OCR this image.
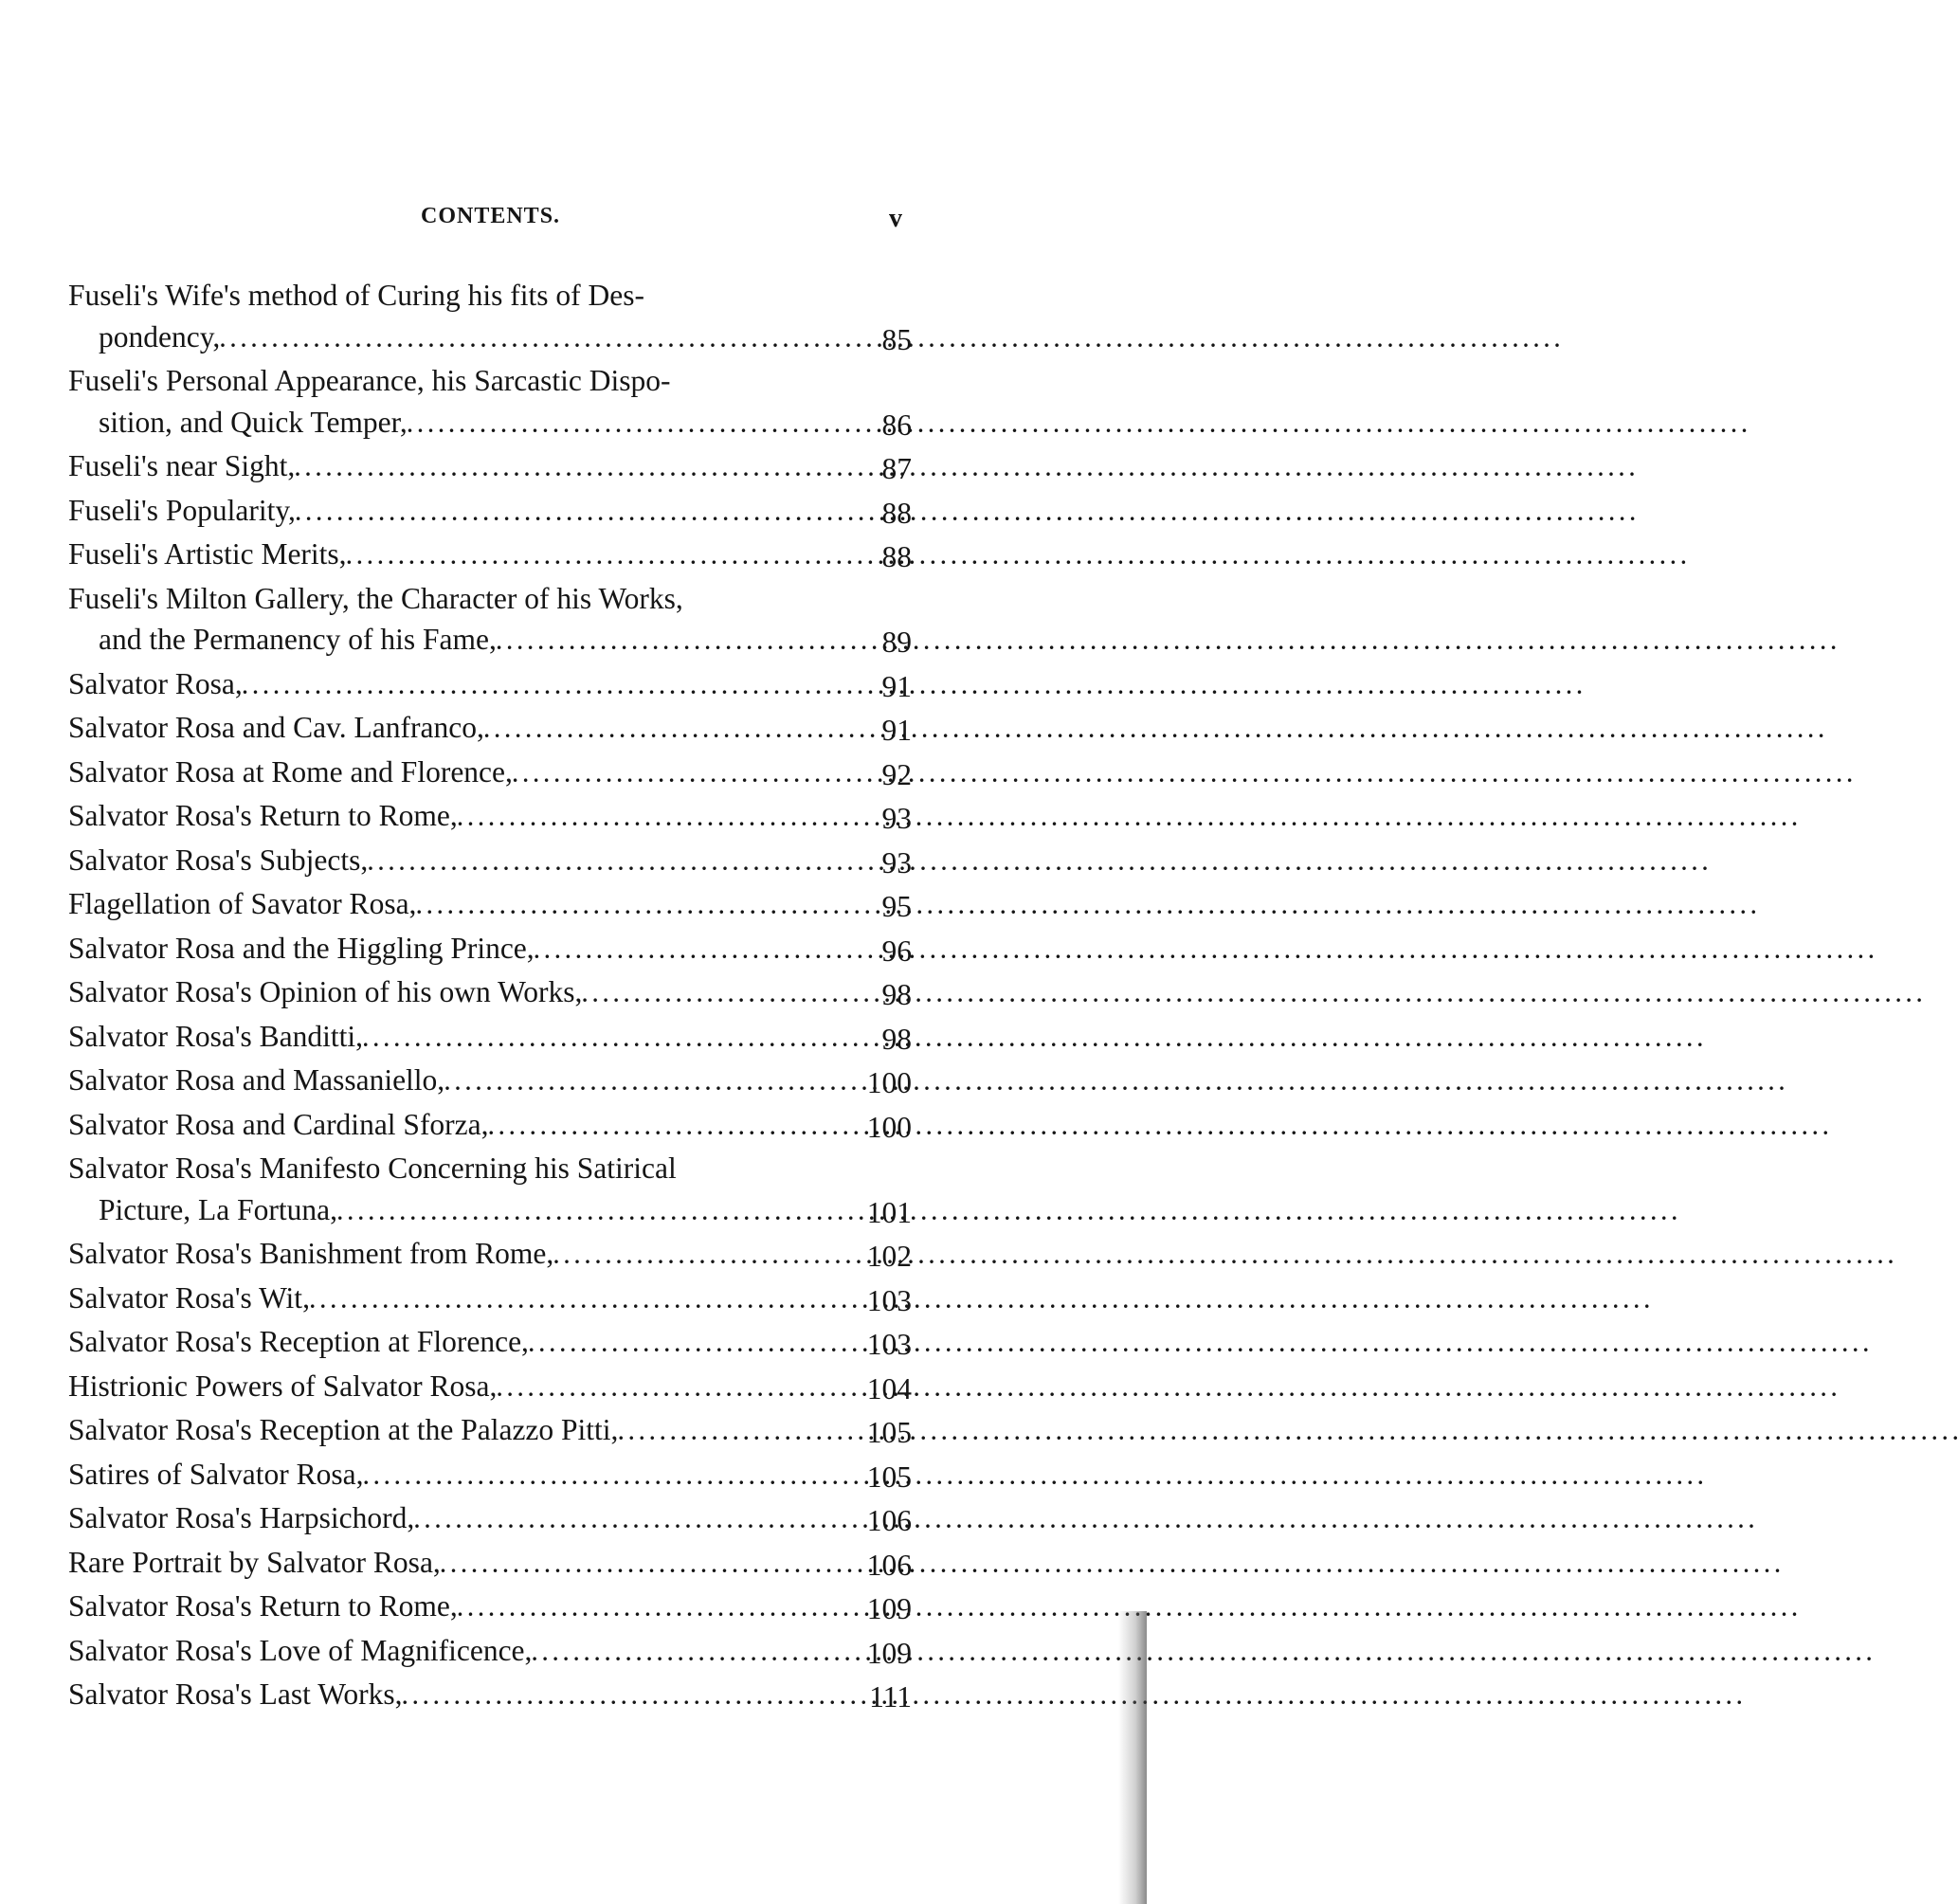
CONTENTS.	v
Fuseli's Wife's method of Curing his fits of Des-
pondency, . . .	85
Fuseli's Personal Appearance, his Sarcastic Dispo-
sition, and Quick Temper, . . .	86
Fuseli's near Sight, . . .	87
Fuseli's Popularity, . . .	88
Fuseli's Artistic Merits, . . .	88
Fuseli's Milton Gallery, the Character of his Works,
and the Permanency of his Fame, . . .	89
Salvator Rosa, . . .	91
Salvator Rosa and Cav. Lanfranco, . . .	91
Salvator Rosa at Rome and Florence, . . .	92
Salvator Rosa's Return to Rome, . . .	93
Salvator Rosa's Subjects, . . .	93
Flagellation of Savator Rosa, . . .	95
Salvator Rosa and the Higgling Prince, . . .	96
Salvator Rosa's Opinion of his own Works, . . .	98
Salvator Rosa's Banditti, . . .	98
Salvator Rosa and Massaniello, . . .	100
Salvator Rosa and Cardinal Sforza, . . .	100
Salvator Rosa's Manifesto Concerning his Satirical
Picture, La Fortuna, . . .	101
Salvator Rosa's Banishment from Rome, . . .	102
Salvator Rosa's Wit, . . .	103
Salvator Rosa's Reception at Florence, . . .	103
Histrionic Powers of Salvator Rosa, . . .	104
Salvator Rosa's Reception at the Palazzo Pitti, . . .	105
Satires of Salvator Rosa, . . .	105
Salvator Rosa's Harpsichord, . . .	106
Rare Portrait by Salvator Rosa, . . .	106
Salvator Rosa's Return to Rome, . . .	109
Salvator Rosa's Love of Magnificence, . . .	109
Salvator Rosa's Last Works, . . .	111
